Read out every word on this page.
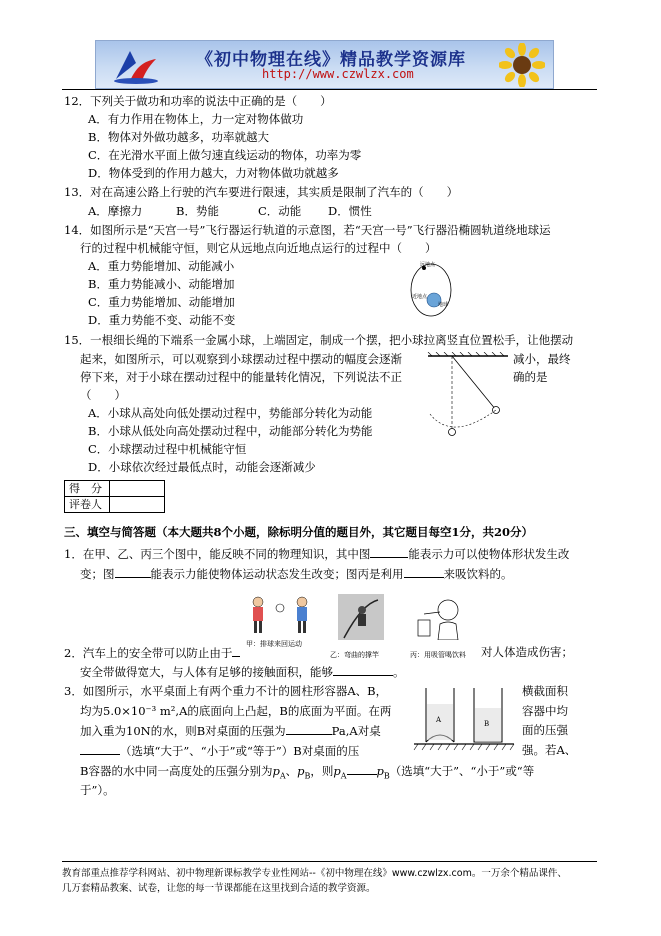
《初中物理在线》精品教学资源库
http://www.czwlzx.com
12．下列关于做功和功率的说法中正确的是（　　）
A．有力作用在物体上，力一定对物体做功
B．物体对外做功越多，功率就越大
C．在光滑水平面上做匀速直线运动的物体，功率为零
D．物体受到的作用力越大，力对物体做功就越多
13．对在高速公路上行驶的汽车要进行限速，其实质是限制了汽车的（　　）
A．摩擦力	B．势能	C．动能 D．惯性
14．如图所示是“天宫一号”飞行器运行轨道的示意图，若“天宫一号”飞行器沿椭圆轨道绕地球运
行的过程中机械能守恒，则它从远地点向近地点运行的过程中（　　）
A．重力势能增加、动能减小
B．重力势能减小、动能增加
C．重力势能增加、动能增加
D．重力势能不变、动能不变
远地点
近地点
地球
15．一根细长绳的下端系一金属小球，上端固定，制成一个摆，把小球拉离竖直位置松手，让他摆动
起来，如图所示，可以观察到小球摆动过程中摆动的幅度会逐渐	减小，最终
停下来，对于小球在摆动过程中的能量转化情况，下列说法不正	确的是
（　　）
A．小球从高处向低处摆动过程中，势能部分转化为动能
B．小球从低处向高处摆动过程中，动能部分转化为势能
C．小球摆动过程中机械能守恒
D．小球依次经过最低点时，动能会逐渐减少
得　分	
评卷人	
三、填空与简答题（本大题共8个小题，除标明分值的题目外，其它题目每空1分，共20分）
1．在甲、乙、丙三个图中，能反映不同的物理知识，其中图	能表示力可以使物体形状发生改
变；图	能表示力能使物体运动状态发生改变；图丙是利用	来吸饮料的。
甲：排球来回运动
乙：弯曲的撑竿	丙：用吸管喝饮料
2．汽车上的安全带可以防止由于	对人体造成伤害；
安全带做得宽大，与人体有足够的接触面积，能够	。
3．如图所示，水平桌面上有两个重力不计的圆柱形容器A、B，	横截面积
均为5.0×10⁻³ m²,A的底面向上凸起，B的底面为平面。在两	容器中均
加入重为10N的水，则B对桌面的压强为	Pa,A对桌	面的压强
（选填“大于”、“小于”或“等于”）B对桌面的压	强。若A、
B容器的水中同一高度处的压强分别为$p_A$、$p_B$，则$p_A$	$p_B$（选填“大于”、“小于”或“等
于”）。
A	B
教育部重点推荐学科网站、初中物理新课标教学专业性网站--《初中物理在线》www.czwlzx.com。一万余个精品课件、
几万套精品教案、试卷，让您的每一节课都能在这里找到合适的教学资源。
